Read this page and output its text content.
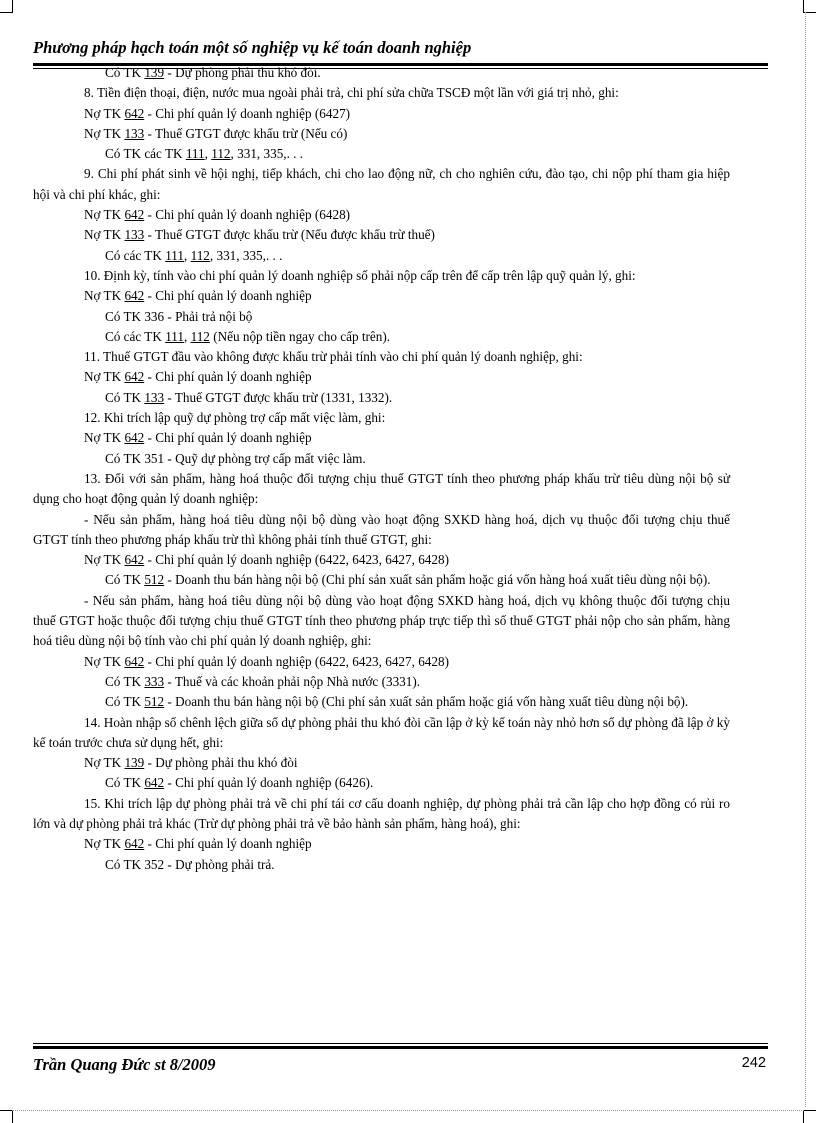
Phương pháp hạch toán một số nghiệp vụ kế toán doanh nghiệp

Có TK 139 - Dự phòng phải thu khó đòi.

8. Tiền điện thoại, điện, nước mua ngoài phải trả, chi phí sửa chữa TSCĐ một lần với giá trị nhỏ, ghi:

Nợ TK 642 - Chi phí quản lý doanh nghiệp (6427)

Nợ TK 133 - Thuế GTGT được khấu trừ (Nếu có)

Có TK các TK 111, 112, 331, 335,. . .

9. Chi phí phát sinh về hội nghị, tiếp khách, chi cho lao động nữ, ch cho nghiên cứu, đào tạo, chi nộp phí tham gia hiệp hội và chi phí khác, ghi:

Nợ TK 642 - Chi phí quản lý doanh nghiệp (6428)

Nợ TK 133 - Thuế GTGT được khấu trừ (Nếu được khấu trừ thuế)

Có các TK 111, 112, 331, 335,. . .

10. Định kỳ, tính vào chi phí quản lý doanh nghiệp số phải nộp cấp trên để cấp trên lập quỹ quản lý, ghi:

Nợ TK 642 - Chi phí quản lý doanh nghiệp

Có TK 336 - Phải trả nội bộ

Có các TK 111, 112 (Nếu nộp tiền ngay cho cấp trên).

11. Thuế GTGT đầu vào không được khấu trừ phải tính vào chi phí quản lý doanh nghiệp, ghi:

Nợ TK 642 - Chi phí quản lý doanh nghiệp

Có TK 133 - Thuế GTGT được khấu trừ (1331, 1332).

12. Khi trích lập quỹ dự phòng trợ cấp mất việc làm, ghi:

Nợ TK 642 - Chi phí quản lý doanh nghiệp

Có TK 351 - Quỹ dự phòng trợ cấp mất việc làm.

13. Đối với sản phẩm, hàng hoá thuộc đối tượng chịu thuế GTGT tính theo phương pháp khấu trừ tiêu dùng nội bộ sử dụng cho hoạt động quản lý doanh nghiệp:

- Nếu sản phẩm, hàng hoá tiêu dùng nội bộ dùng vào hoạt động SXKD hàng hoá, dịch vụ thuộc đối tượng chịu thuế GTGT tính theo phương pháp khấu trừ thì không phải tính thuế GTGT, ghi:

Nợ TK 642 - Chi phí quản lý doanh nghiệp (6422, 6423, 6427, 6428)

Có TK 512 - Doanh thu bán hàng nội bộ (Chi phí sản xuất sản phẩm hoặc giá vốn hàng hoá xuất tiêu dùng nội bộ).

- Nếu sản phẩm, hàng hoá tiêu dùng nội bộ dùng vào hoạt động SXKD hàng hoá, dịch vụ không thuộc đối tượng chịu thuế GTGT hoặc thuộc đối tượng chịu thuế GTGT tính theo phương pháp trực tiếp thì số thuế GTGT phải nộp cho sản phẩm, hàng hoá tiêu dùng nội bộ tính vào chi phí quản lý doanh nghiệp, ghi:

Nợ TK 642 - Chi phí quản lý doanh nghiệp (6422, 6423, 6427, 6428)

Có TK 333 - Thuế và các khoản phải nộp Nhà nước (3331).

Có TK 512 - Doanh thu bán hàng nội bộ (Chi phí sản xuất sản phẩm hoặc giá vốn hàng xuất tiêu dùng nội bộ).

14. Hoàn nhập số chênh lệch giữa số dự phòng phải thu khó đòi cần lập ở kỳ kế toán này nhỏ hơn số dự phòng đã lập ở kỳ kế toán trước chưa sử dụng hết, ghi:

Nợ TK 139 - Dự phòng phải thu khó đòi

Có TK 642 - Chi phí quản lý doanh nghiệp (6426).

15. Khi trích lập dự phòng phải trả về chi phí tái cơ cấu doanh nghiệp, dự phòng phải trả cần lập cho hợp đồng có rủi ro lớn và dự phòng phải trả khác (Trừ dự phòng phải trả về bảo hành sản phẩm, hàng hoá), ghi:

Nợ TK 642 - Chi phí quản lý doanh nghiệp

Có TK 352 - Dự phòng phải trả.

Trần Quang Đức st 8/2009	242
